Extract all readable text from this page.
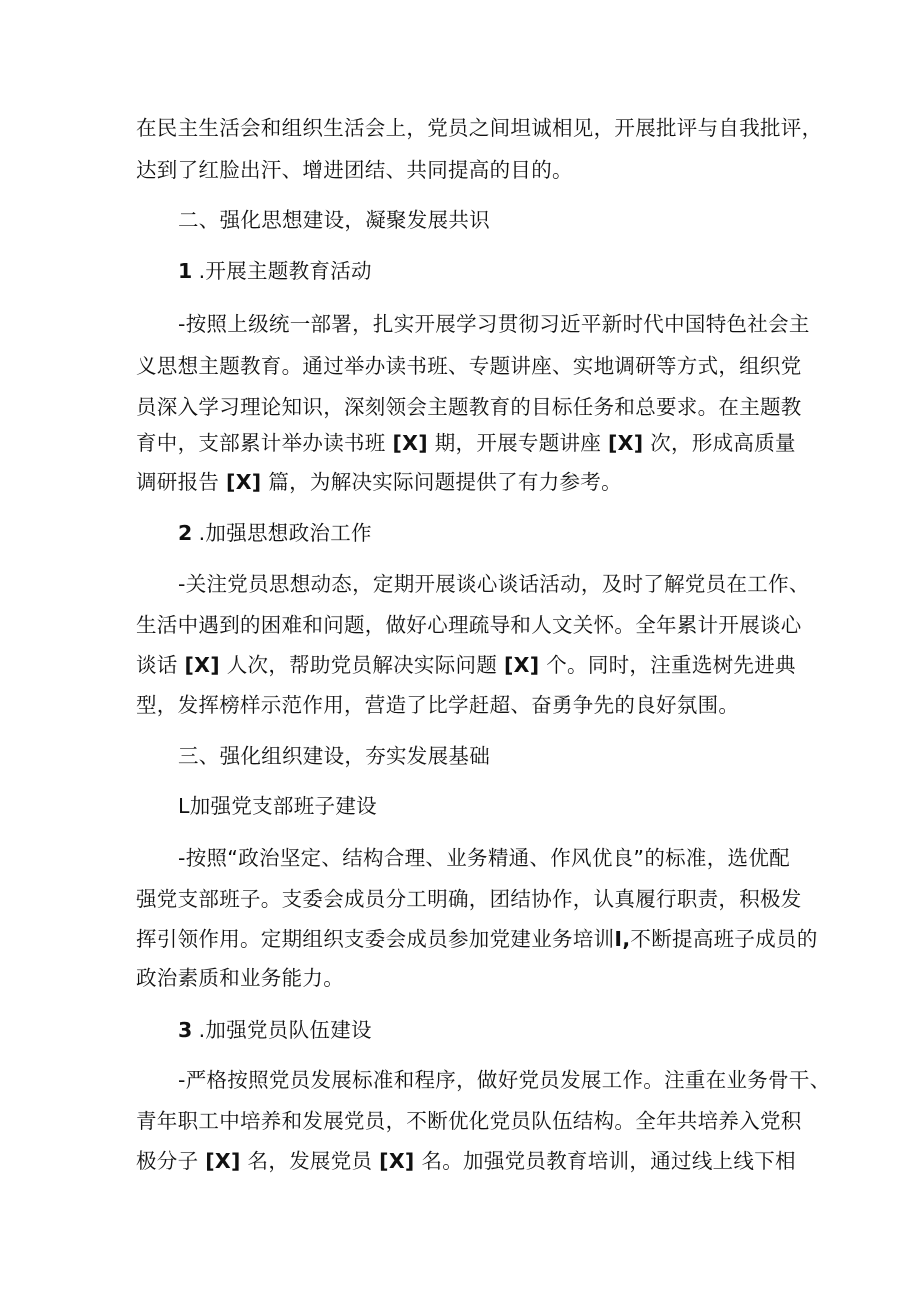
在民主生活会和组织生活会上，党员之间坦诚相见，开展批评与自我批评，
达到了红脸出汗、增进团结、共同提高的目的。
二、强化思想建设，凝聚发展共识
1 .开展主题教育活动
-按照上级统一部署，扎实开展学习贯彻习近平新时代中国特色社会主
义思想主题教育。通过举办读书班、专题讲座、实地调研等方式，组织党
员深入学习理论知识，深刻领会主题教育的目标任务和总要求。在主题教
育中，支部累计举办读书班 [X] 期，开展专题讲座 [X] 次，形成高质量
调研报告 [X] 篇，为解决实际问题提供了有力参考。
2 .加强思想政治工作
-关注党员思想动态，定期开展谈心谈话活动，及时了解党员在工作、
生活中遇到的困难和问题，做好心理疏导和人文关怀。全年累计开展谈心
谈话 [X] 人次，帮助党员解决实际问题 [X] 个。同时，注重选树先进典
型，发挥榜样示范作用，营造了比学赶超、奋勇争先的良好氛围。
三、强化组织建设，夯实发展基础
L加强党支部班子建设
-按照“政治坚定、结构合理、业务精通、作风优良”的标准，选优配
强党支部班子。支委会成员分工明确，团结协作，认真履行职责，积极发
挥引领作用。定期组织支委会成员参加党建业务培训I,不断提高班子成员的
政治素质和业务能力。
3 .加强党员队伍建设
-严格按照党员发展标准和程序，做好党员发展工作。注重在业务骨干、
青年职工中培养和发展党员，不断优化党员队伍结构。全年共培养入党积
极分子 [X] 名，发展党员 [X] 名。加强党员教育培训，通过线上线下相
